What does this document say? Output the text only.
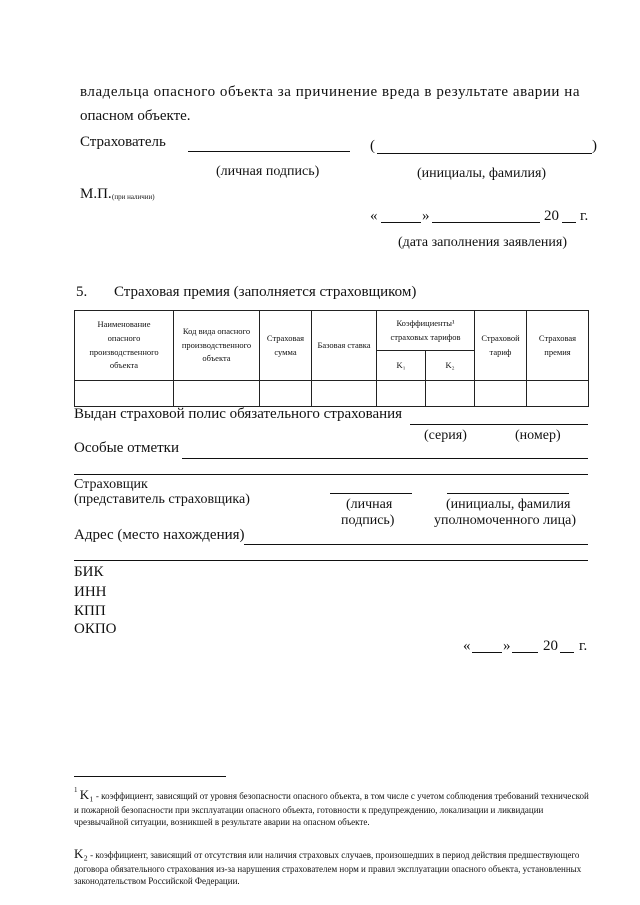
владельца опасного объекта за причинение вреда в результате аварии на
опасном объекте.
Страхователь	(	)
(личная подпись)	(инициалы, фамилия)
М.П. (при наличии)
«	»	20 г.
(дата заполнения заявления)
5. Страховая премия (заполняется страховщиком)
Наименование опасного производственного объекта	Код вида опасного производственного объекта	Страховая сумма	Базовая ставка	Коэффициенты¹ страховых тарифов		Страховой тариф	Страховая премия
				K₁	K₂		

Выдан страховой полис обязательного страхования
(серия)	(номер)
Особые отметки
Страховщик
(представитель страховщика)	(личная
подпись)
(инициалы, фамилия
уполномоченного лица)
Адрес (место нахождения)
БИК
ИНН
КПП
ОКПО
« » 20 г.
$^1$ K₁ - коэффициент, зависящий от уровня безопасности опасного объекта, в том числе с учетом соблюдения требований технической и пожарной безопасности при эксплуатации опасного объекта, готовности к предупреждению, локализации и ликвидации чрезвычайной ситуации, возникшей в результате аварии на опасном объекте.
K₂ - коэффициент, зависящий от отсутствия или наличия страховых случаев, произошедших в период действия предшествующего договора обязательного страхования из-за нарушения страхователем норм и правил эксплуатации опасного объекта, установленных законодательством Российской Федерации.
